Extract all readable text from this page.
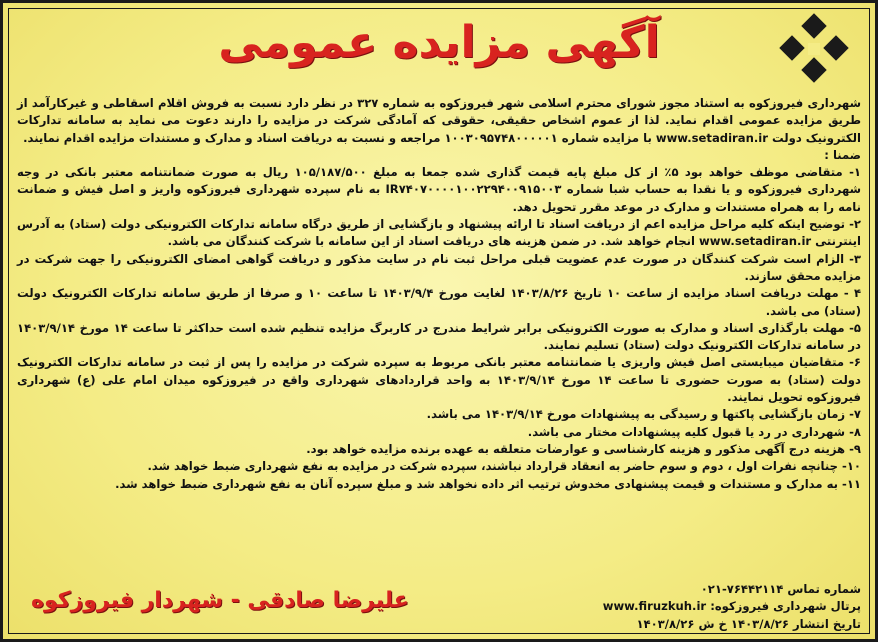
آگهی مزایده عمومی

شهرداری فیروزکوه به استناد مجوز شورای محترم اسلامی شهر فیروزکوه به شماره ۳۲۷ در نظر دارد نسبت به فروش اقلام اسقاطی و غیرکارآمد از طریق مزایده عمومی اقدام نماید. لذا از عموم اشخاص حقیقی، حقوقی که آمادگی شرکت در مزایده را دارند دعوت می نماید به سامانه تدارکات الکترونیک دولت www.setadiran.ir با مزایده شماره ۱۰۰۳۰۹۵۷۴۸۰۰۰۰۰۱ مراجعه و نسبت به دریافت اسناد و مدارک و مستندات مزایده اقدام نمایند.

ضمنا :

۱- متقاضی موظف خواهد بود ۵٪ از کل مبلغ پایه قیمت گذاری شده جمعا به مبلغ ۱۰۵/۱۸۷/۵۰۰ ریال به صورت ضمانتنامه معتبر بانکی در وجه شهرداری فیروزکوه و یا نقدا به حساب شبا شماره IR۷۴۰۷۰۰۰۰۱۰۰۲۲۹۴۰۰۹۱۵۰۰۳ به نام سپرده شهرداری فیروزکوه واریز و اصل فیش و ضمانت نامه را به همراه مستندات و مدارک در موعد مقرر تحویل دهد.

۲- توضیح اینکه کلیه مراحل مزایده اعم از دریافت اسناد تا ارائه پیشنهاد و بازگشایی از طریق درگاه سامانه تدارکات الکترونیکی دولت (ستاد) به آدرس اینترنتی www.setadiran.ir انجام خواهد شد. در ضمن هزینه های دریافت اسناد از این سامانه با شرکت کنندگان می باشد.

۳- الزام است شرکت کنندگان در صورت عدم عضویت قبلی مراحل ثبت نام در سایت مذکور و دریافت گواهی امضای الکترونیکی را جهت شرکت در مزایده محقق سازند.

۴ - مهلت دریافت اسناد مزایده از ساعت ۱۰ تاریخ ۱۴۰۳/۸/۲۶ لغایت مورخ ۱۴۰۳/۹/۴ تا ساعت ۱۰ و صرفا از طریق سامانه تدارکات الکترونیک دولت (ستاد) می باشد.

۵- مهلت بارگذاری اسناد و مدارک به صورت الکترونیکی برابر شرایط مندرج در کاربرگ مزایده تنظیم شده است حداکثر تا ساعت ۱۴ مورخ ۱۴۰۳/۹/۱۴ در سامانه تدارکات الکترونیک دولت (ستاد) تسلیم نمایند.

۶- متقاضیان میبایستی اصل فیش واریزی یا ضمانتنامه معتبر بانکی مربوط به سپرده شرکت در مزایده را پس از ثبت در سامانه تدارکات الکترونیک دولت (ستاد) به صورت حضوری تا ساعت ۱۴ مورخ ۱۴۰۳/۹/۱۴ به واحد قراردادهای شهرداری واقع در فیروزکوه میدان امام علی (ع) شهرداری فیروزکوه تحویل نمایند.

۷- زمان بازگشایی پاکتها و رسیدگی به پیشنهادات مورخ ۱۴۰۳/۹/۱۴ می باشد.

۸- شهرداری در رد یا قبول کلیه پیشنهادات مختار می باشد.

۹- هزینه درج آگهی مذکور و هزینه کارشناسی و عوارضات متعلقه به عهده برنده مزایده خواهد بود.

۱۰- چنانچه نفرات اول ، دوم و سوم حاضر به انعقاد قرارداد نباشند، سپرده شرکت در مزایده به نفع شهرداری ضبط خواهد شد.

۱۱- به مدارک و مستندات و قیمت پیشنهادی مخدوش ترتیب اثر داده نخواهد شد و مبلغ سپرده آنان به نفع شهرداری ضبط خواهد شد.

شماره تماس ۷۶۴۴۲۱۱۴-۰۲۱
پرتال شهرداری فیروزکوه: www.firuzkuh.ir
تاریخ انتشار ۱۴۰۳/۸/۲۶ خ ش ۱۴۰۳/۸/۲۶
علیرضا صادقی - شهردار فیروزکوه
